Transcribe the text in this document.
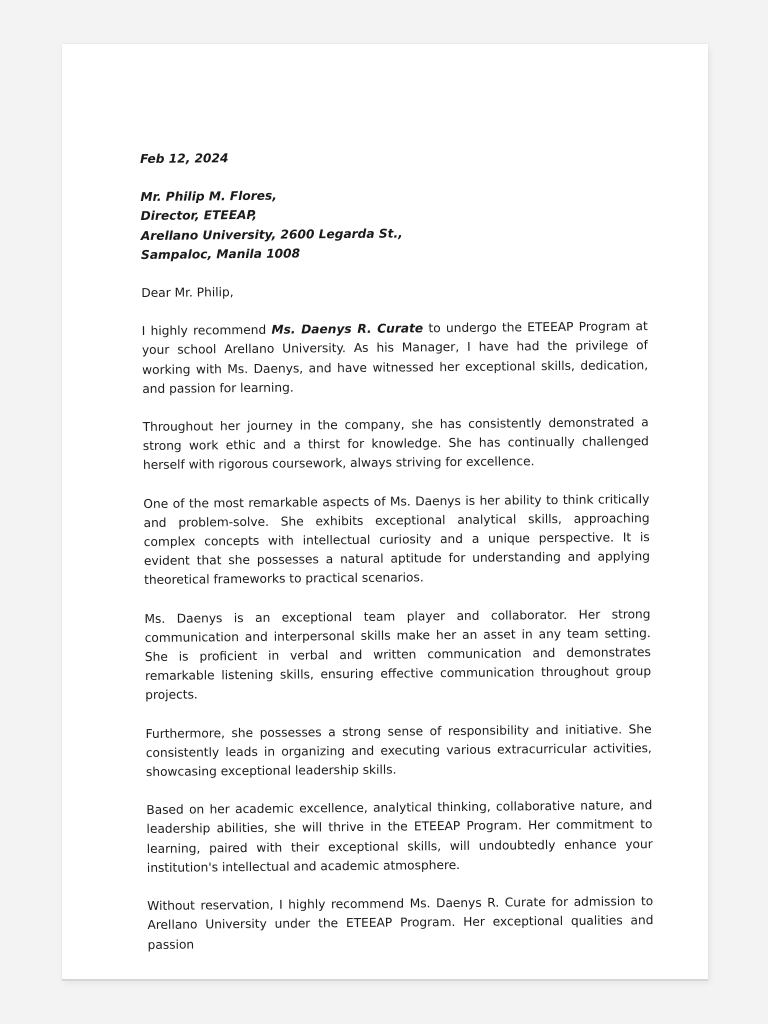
Feb 12, 2024

Mr. Philip M. Flores,

Director, ETEEAP,

Arellano University, 2600 Legarda St.,

Sampaloc, Manila 1008

Dear Mr. Philip,

I highly recommend Ms. Daenys R. Curate to undergo the ETEEAP Program at your school Arellano University. As his Manager, I have had the privilege of working with Ms. Daenys, and have witnessed her exceptional skills, dedication, and passion for learning.

Throughout her journey in the company, she has consistently demonstrated a strong work ethic and a thirst for knowledge. She has continually challenged herself with rigorous coursework, always striving for excellence.

One of the most remarkable aspects of Ms. Daenys is her ability to think critically and problem-solve. She exhibits exceptional analytical skills, approaching complex concepts with intellectual curiosity and a unique perspective. It is evident that she possesses a natural aptitude for understanding and applying theoretical frameworks to practical scenarios.

Ms. Daenys is an exceptional team player and collaborator. Her strong communication and interpersonal skills make her an asset in any team setting. She is proficient in verbal and written communication and demonstrates remarkable listening skills, ensuring effective communication throughout group projects.

Furthermore, she possesses a strong sense of responsibility and initiative. She consistently leads in organizing and executing various extracurricular activities, showcasing exceptional leadership skills.

Based on her academic excellence, analytical thinking, collaborative nature, and leadership abilities, she will thrive in the ETEEAP Program. Her commitment to learning, paired with their exceptional skills, will undoubtedly enhance your institution's intellectual and academic atmosphere.

Without reservation, I highly recommend Ms. Daenys R. Curate for admission to Arellano University under the ETEEAP Program. Her exceptional qualities and passion
